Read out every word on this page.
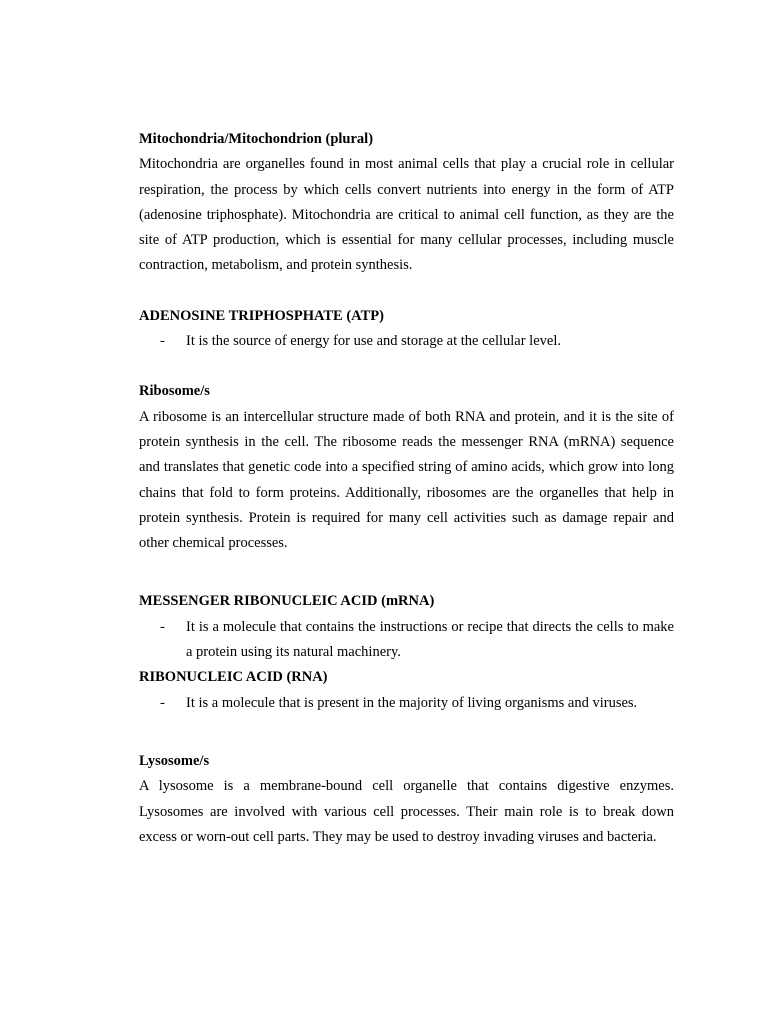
Mitochondria/Mitochondrion (plural)

Mitochondria are organelles found in most animal cells that play a crucial role in cellular respiration, the process by which cells convert nutrients into energy in the form of ATP (adenosine triphosphate). Mitochondria are critical to animal cell function, as they are the site of ATP production, which is essential for many cellular processes, including muscle contraction, metabolism, and protein synthesis.

ADENOSINE TRIPHOSPHATE (ATP)

-	It is the source of energy for use and storage at the cellular level.

Ribosome/s

A ribosome is an intercellular structure made of both RNA and protein, and it is the site of protein synthesis in the cell. The ribosome reads the messenger RNA (mRNA) sequence and translates that genetic code into a specified string of amino acids, which grow into long chains that fold to form proteins. Additionally, ribosomes are the organelles that help in protein synthesis. Protein is required for many cell activities such as damage repair and other chemical processes.

MESSENGER RIBONUCLEIC ACID (mRNA)

-	It is a molecule that contains the instructions or recipe that directs the cells to make a protein using its natural machinery.

RIBONUCLEIC ACID (RNA)

-	It is a molecule that is present in the majority of living organisms and viruses.

Lysosome/s

A lysosome is a membrane-bound cell organelle that contains digestive enzymes. Lysosomes are involved with various cell processes. Their main role is to break down excess or worn-out cell parts. They may be used to destroy invading viruses and bacteria.
